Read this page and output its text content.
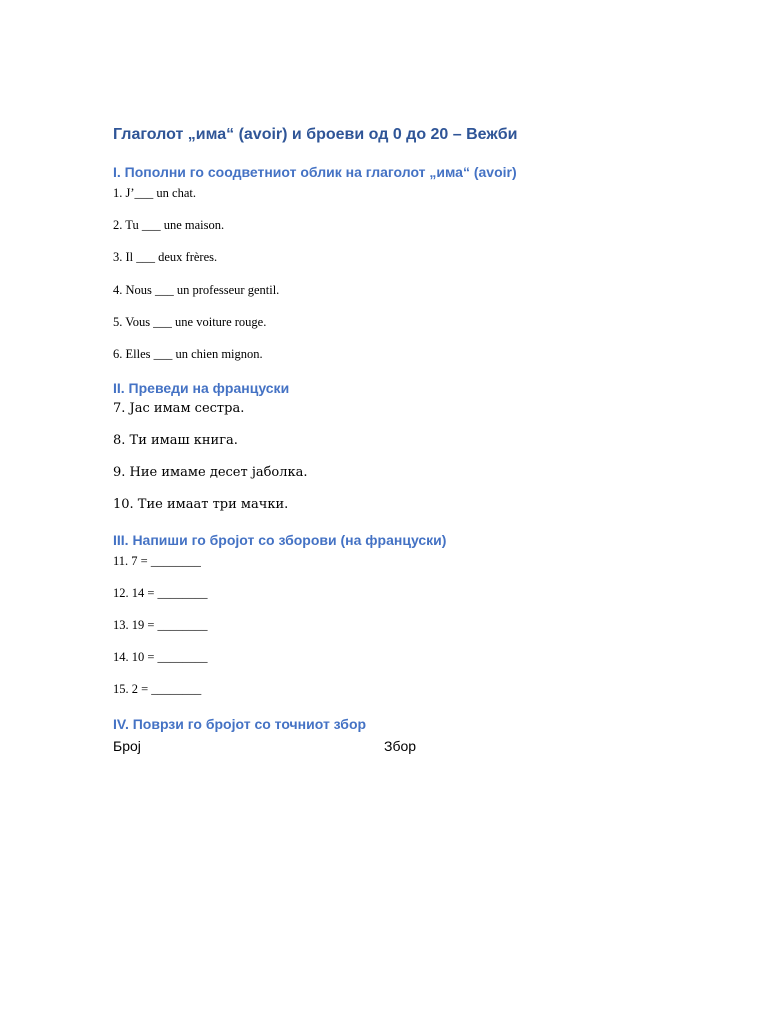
Глаголот „има“ (avoir) и броеви од 0 до 20 – Вежби
I. Пополни го соодветниот облик на глаголот „има“ (avoir)
1. J’___ un chat.
2. Tu ___ une maison.
3. Il ___ deux frères.
4. Nous ___ un professeur gentil.
5. Vous ___ une voiture rouge.
6. Elles ___ un chien mignon.
II. Преведи на француски
7. Јас имам сестра.
8. Ти имаш книга.
9. Ние имаме десет јаболка.
10. Тие имаат три мачки.
III. Напиши го бројот со зборови (на француски)
11. 7 = ________
12. 14 = ________
13. 19 = ________
14. 10 = ________
15. 2 = ________
IV. Поврзи го бројот со точниот збор
Број	Збор
